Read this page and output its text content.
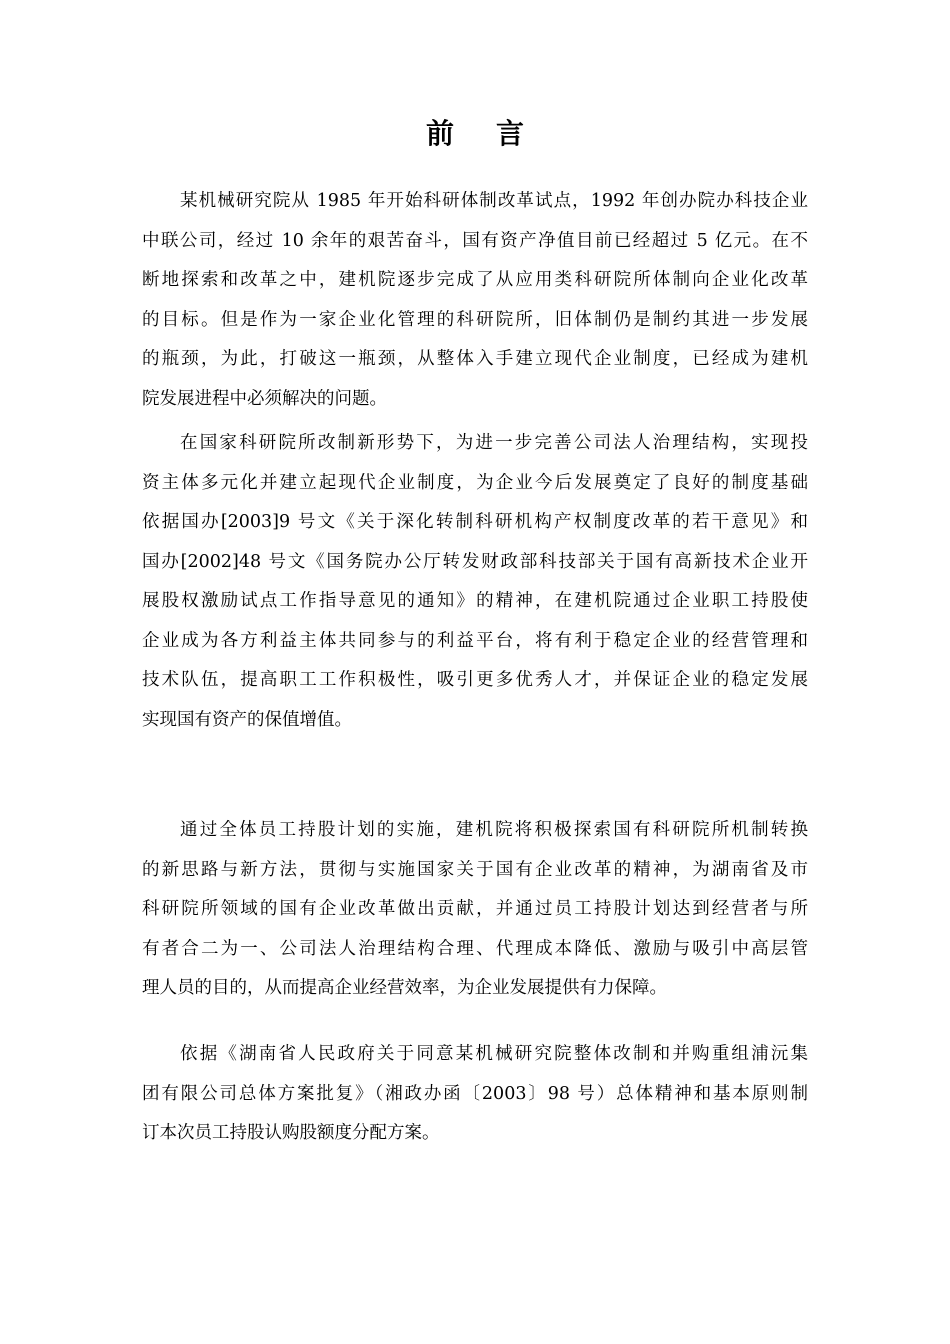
前 言
某机械研究院从 1985 年开始科研体制改革试点，1992 年创办院办科技企业
中联公司，经过 10 余年的艰苦奋斗，国有资产净值目前已经超过 5 亿元。在不
断地探索和改革之中，建机院逐步完成了从应用类科研院所体制向企业化改革
的目标。但是作为一家企业化管理的科研院所，旧体制仍是制约其进一步发展
的瓶颈，为此，打破这一瓶颈，从整体入手建立现代企业制度，已经成为建机
院发展进程中必须解决的问题。
在国家科研院所改制新形势下，为进一步完善公司法人治理结构，实现投
资主体多元化并建立起现代企业制度，为企业今后发展奠定了良好的制度基础
依据国办[2003]9 号文《关于深化转制科研机构产权制度改革的若干意见》和
国办[2002]48 号文《国务院办公厅转发财政部科技部关于国有高新技术企业开
展股权激励试点工作指导意见的通知》的精神，在建机院通过企业职工持股使
企业成为各方利益主体共同参与的利益平台，将有利于稳定企业的经营管理和
技术队伍，提高职工工作积极性，吸引更多优秀人才，并保证企业的稳定发展
实现国有资产的保值增值。
通过全体员工持股计划的实施，建机院将积极探索国有科研院所机制转换
的新思路与新方法，贯彻与实施国家关于国有企业改革的精神，为湖南省及市
科研院所领域的国有企业改革做出贡献，并通过员工持股计划达到经营者与所
有者合二为一、公司法人治理结构合理、代理成本降低、激励与吸引中高层管
理人员的目的，从而提高企业经营效率，为企业发展提供有力保障。
依据《湖南省人民政府关于同意某机械研究院整体改制和并购重组浦沅集
团有限公司总体方案批复》（湘政办函〔2003〕98 号）总体精神和基本原则制
订本次员工持股认购股额度分配方案。
